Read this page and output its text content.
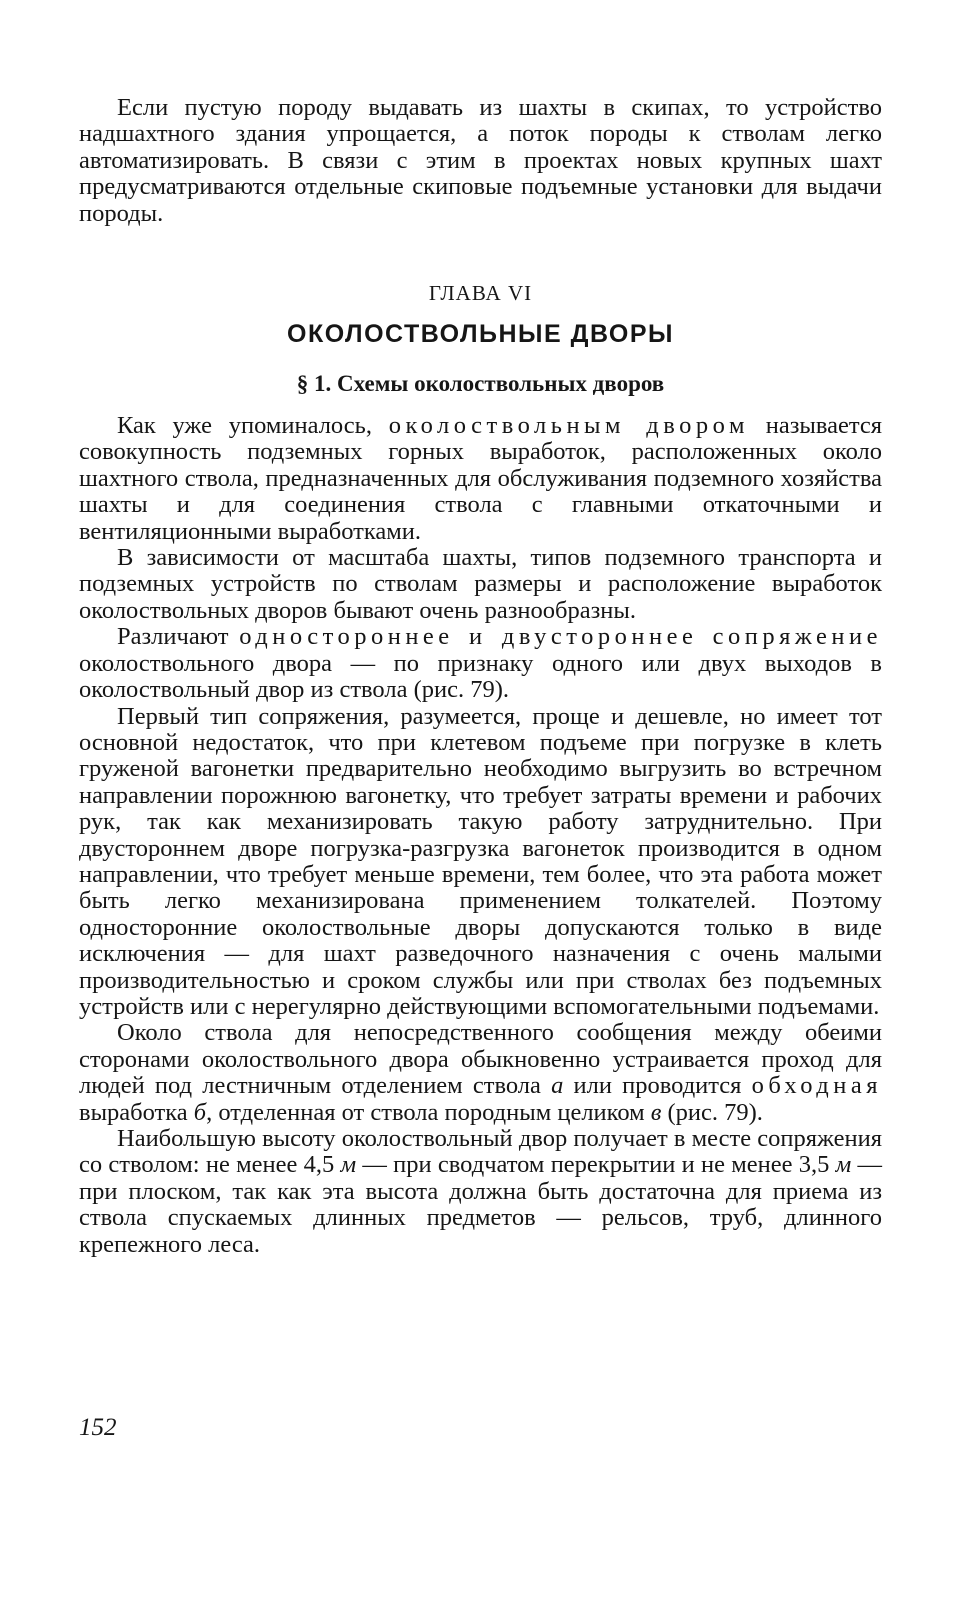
Если пустую породу выдавать из шахты в скипах, то устройство надшахтного здания упрощается, а поток породы к стволам легко автоматизировать. В связи с этим в проектах новых крупных шахт предусматриваются отдельные скиповые подъемные установки для выдачи породы.

ГЛАВА VI
ОКОЛОСТВОЛЬНЫЕ ДВОРЫ
§ 1. Схемы околоствольных дворов

Как уже упоминалось, околоствольным двором называется совокупность подземных горных выработок, расположенных около шахтного ствола, предназначенных для обслуживания подземного хозяйства шахты и для соединения ствола с главными откаточными и вентиляционными выработками.

В зависимости от масштаба шахты, типов подземного транспорта и подземных устройств по стволам размеры и расположение выработок околоствольных дворов бывают очень разнообразны.

Различают одностороннее и двустороннее сопряжение околоствольного двора — по признаку одного или двух выходов в околоствольный двор из ствола (рис. 79).

Первый тип сопряжения, разумеется, проще и дешевле, но имеет тот основной недостаток, что при клетевом подъеме при погрузке в клеть груженой вагонетки предварительно необходимо выгрузить во встречном направлении порожнюю вагонетку, что требует затраты времени и рабочих рук, так как механизировать такую работу затруднительно. При двустороннем дворе погрузка-разгрузка вагонеток производится в одном направлении, что требует меньше времени, тем более, что эта работа может быть легко механизирована применением толкателей. Поэтому односторонние околоствольные дворы допускаются только в виде исключения — для шахт разведочного назначения с очень малыми производительностью и сроком службы или при стволах без подъемных устройств или с нерегулярно действующими вспомогательными подъемами.

Около ствола для непосредственного сообщения между обеими сторонами околоствольного двора обыкновенно устраивается проход для людей под лестничным отделением ствола а или проводится обходная выработка б, отделенная от ствола породным целиком в (рис. 79).

Наибольшую высоту околоствольный двор получает в месте сопряжения со стволом: не менее 4,5 м — при сводчатом перекрытии и не менее 3,5 м — при плоском, так как эта высота должна быть достаточна для приема из ствола спускаемых длинных предметов — рельсов, труб, длинного крепежного леса.

152
